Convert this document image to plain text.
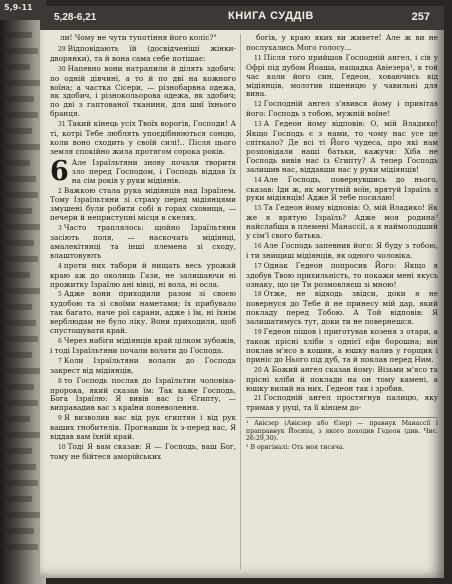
5,9-11
5,28-6,21	КНИГА СУДДІВ	257

ли! Чому не чути тупотіння його коліс?"

29 Відповідають їй (досвідченіші жінки-дворянки), та й вона сама себе потішає:

30 Напевно вони натрапили й ділять здобич: по одній дівчині, а то й по дві на кожного воїна; а частка Сісери, — різнобарвна одежа, як здобич, і різнокольорова одежа, як здобич; по дві з гаптованої тканини, для шиї їхнього бранця.

31 Такий кінець усіх Твоїх ворогів, Господи! А ті, котрі Тебе люблять упоєдібнюються сонцю, коли воно сходить у своїй силі!.. Після цього земля спокійно жила протягом сорока років.

6 Але Ізраїльтяни знову почали творити зло перед Господом, і Господь віддав їх на сім років у руки мідіянів.

2 Важкою стала рука мідіянців над Ізраїлем. Тому Ізраїльтяни зі страху перед мідіянцями змушені були робити собі в горах сховища, — печери й неприступні місця в скелях.

3 Часто траплялось: щойно Ізраїльтяни засіють поля, — наскочать мідіянці, амалекітянці та інші племена зі сходу, влаштовують

4 проти них табори й нищать весь урожай краю аж до околиць Гази, не залишаючи ні прожитку Ізраїлю ані вівці, ні вола, ні осла.

5 Адже вони приходили разом зі своєю худобою та зі своїми наметами; їх прибувало так багато, наче рої сарани, адже і їм, ні їхнім верблюдам не було ліку. Вони приходили, щоб спустошувати край.

6 Через набіги мідіянців край цілком зубожів, і тоді Ізраїльтяни почали волати до Господа.

7 Коли Ізраїльтяни волали до Господа закрест від мідіянців,

8 то Господь послав до Ізраїльтян чоловіка-пророка, який сказав їм: Так каже Господь, Бога Ізраїлю: Я вивів вас із Єгипту, — виправадив вас з країни поневолення.

9 Я визволив вас від рук єгиптян і від рук ваших гнобителів. Прогнавши їх з-перед вас, Я віддав вам їхній край.

10 Тоді Я вам сказав: Я — Господь, ваш Бог, тому не бійтеся аморійських

богів, у краю яких ви живете! Але ж ви не послухались Мого голосу...

11 Після того прийшов Господній ангел, і сів у Офрі під дубом Йоаша, нащадка Авіезера¹, в той час коли його син, Гедеон, ховаючись від мідіянців, молотив пшеницю у чавильні для вина.

12 Господній ангел з'явився йому і привітав його: Господь з тобою, мужній воїне!

13 А Гедеон йому відповів: О, мій Владико! Якщо Господь є з нами, то чому нас усе це спіткало? Де всі ті Його чудеса, про які нам розповідали наші батьки, кажучи: Хіба не Господь вивів нас із Єгипту? А тепер Господь залишив нас, віддавши нас у руки мідіянців!

14 Але Господь, повернувшись до нього, сказав: Іди ж, як могутній воїн, врятуй Ізраїль з руки мідіянців! Адже Я тебе посилаю!

15 Та Гедеон йому відповів: О, мій Владико! Як же я врятую Ізраїль? Адже моя родина² найслабша в племені Манассії, а я наймолодший у сім'ї свого батька.

16 Але Господь запевнив його: Я буду з тобою, і ти знищиш мідіянців, як одного чоловіка.

17 Однак Гедеон попросив Його: Якщо я здобув Твою прихильність, то покажи мені якусь ознаку, що це Ти розмовляєш зі мною!

18 Отже, не відходь звідси, доки я не повернуся до Тебе й не принесу мій дар, який покладу перед Тобою. А Той відповів: Я залишатимусь тут, доки ти не повернешся.

19 Гедеон пішов і приготував козеня з отари, а також прісні хліби з однієї єфи борошна; він поклав м'ясо в кошик, а юшку налив у горщик і приніс до Нього під дуб, та й поклав перед Ним.

20 А Божий ангел сказав йому: Візьми м'ясо та прісні хліби й поклади на он тому камені, а юшку вилий на них. Гедеон так і зробив.

21 Господній ангел простягнув палицю, яку тримав у руці, та її кінцем до-

¹ Авієзер (Авієзер або Єзер) — правнук Манассії і праправнук Йосипа, з якого походив Гедеон (див. Чис. 26:29,30).
² В оригіналі: Оть моя тисяча.
